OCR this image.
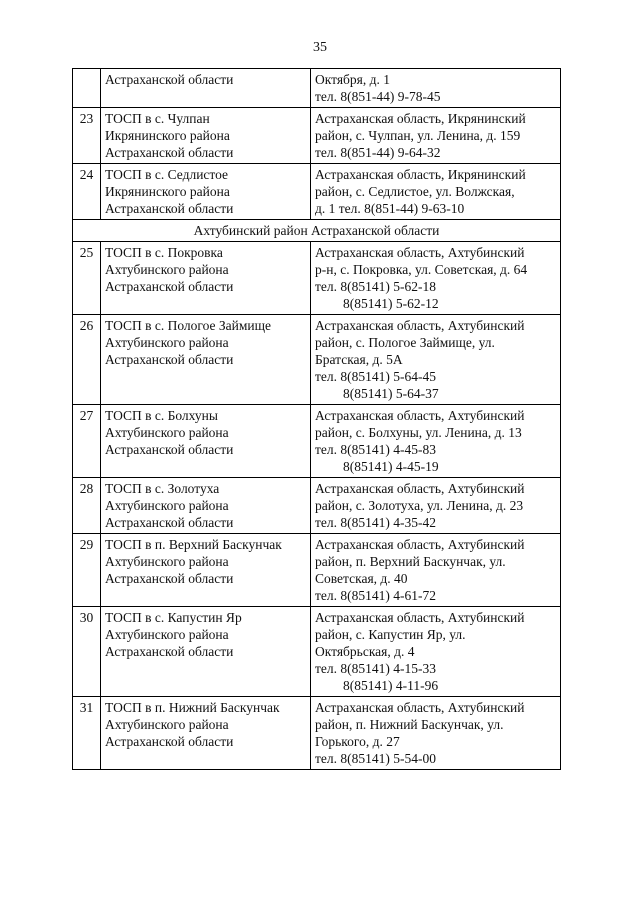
35

	Астраханской области	Октября, д. 1
тел. 8(851-44) 9-78-45

23	ТОСП в с. Чулпан
Икрянинского района
Астраханской области	Астраханская область, Икрянинский
район, с. Чулпан, ул. Ленина, д. 159
тел. 8(851-44) 9-64-32

24	ТОСП в с. Седлистое
Икрянинского района
Астраханской области	Астраханская область, Икрянинский
район, с. Седлистое, ул. Волжская,
д. 1 тел. 8(851-44) 9-63-10

Ахтубинский район Астраханской области		
25	ТОСП в с. Покровка
Ахтубинского района
Астраханской области	Астраханская область, Ахтубинский
р-н, с. Покровка, ул. Советская, д. 64
тел. 8(85141) 5-62-18
8(85141) 5-62-12

26	ТОСП в с. Пологое Займище
Ахтубинского района
Астраханской области	Астраханская область, Ахтубинский
район, с. Пологое Займище, ул.
Братская, д. 5А
тел. 8(85141) 5-64-45
8(85141) 5-64-37

27	ТОСП в с. Болхуны
Ахтубинского района
Астраханской области	Астраханская область, Ахтубинский
район, с. Болхуны, ул. Ленина, д. 13
тел. 8(85141) 4-45-83
8(85141) 4-45-19

28	ТОСП в с. Золотуха
Ахтубинского района
Астраханской области	Астраханская область, Ахтубинский
район, с. Золотуха, ул. Ленина, д. 23
тел. 8(85141) 4-35-42

29	ТОСП в п. Верхний Баскунчак
Ахтубинского района
Астраханской области	Астраханская область, Ахтубинский
район, п. Верхний Баскунчак, ул.
Советская, д. 40
тел. 8(85141) 4-61-72

30	ТОСП в с. Капустин Яр
Ахтубинского района
Астраханской области	Астраханская область, Ахтубинский
район, с. Капустин Яр, ул.
Октябрьская, д. 4
тел. 8(85141) 4-15-33
8(85141) 4-11-96

31	ТОСП в п. Нижний Баскунчак
Ахтубинского района
Астраханской области	Астраханская область, Ахтубинский
район, п. Нижний Баскунчак, ул.
Горького, д. 27
тел. 8(85141) 5-54-00
